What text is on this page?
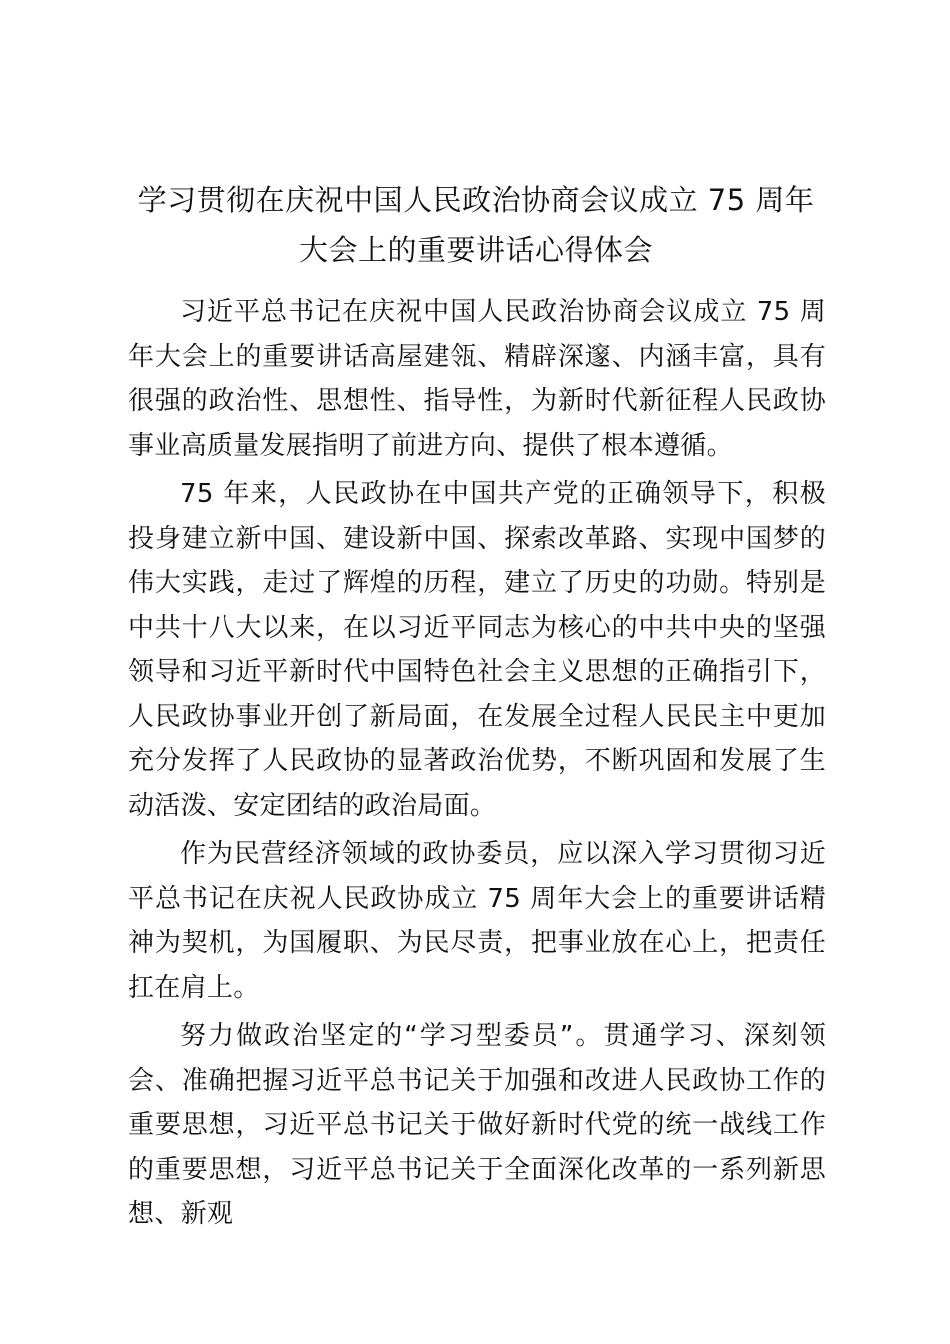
学习贯彻在庆祝中国人民政治协商会议成立 75 周年大会上的重要讲话心得体会

习近平总书记在庆祝中国人民政治协商会议成立 75 周年大会上的重要讲话高屋建瓴、精辟深邃、内涵丰富，具有很强的政治性、思想性、指导性，为新时代新征程人民政协事业高质量发展指明了前进方向、提供了根本遵循。

75 年来，人民政协在中国共产党的正确领导下，积极投身建立新中国、建设新中国、探索改革路、实现中国梦的伟大实践，走过了辉煌的历程，建立了历史的功勋。特别是中共十八大以来，在以习近平同志为核心的中共中央的坚强领导和习近平新时代中国特色社会主义思想的正确指引下，人民政协事业开创了新局面，在发展全过程人民民主中更加充分发挥了人民政协的显著政治优势，不断巩固和发展了生动活泼、安定团结的政治局面。

作为民营经济领域的政协委员，应以深入学习贯彻习近平总书记在庆祝人民政协成立 75 周年大会上的重要讲话精神为契机，为国履职、为民尽责，把事业放在心上，把责任扛在肩上。

努力做政治坚定的“学习型委员”。贯通学习、深刻领会、准确把握习近平总书记关于加强和改进人民政协工作的重要思想，习近平总书记关于做好新时代党的统一战线工作的重要思想，习近平总书记关于全面深化改革的一系列新思想、新观
